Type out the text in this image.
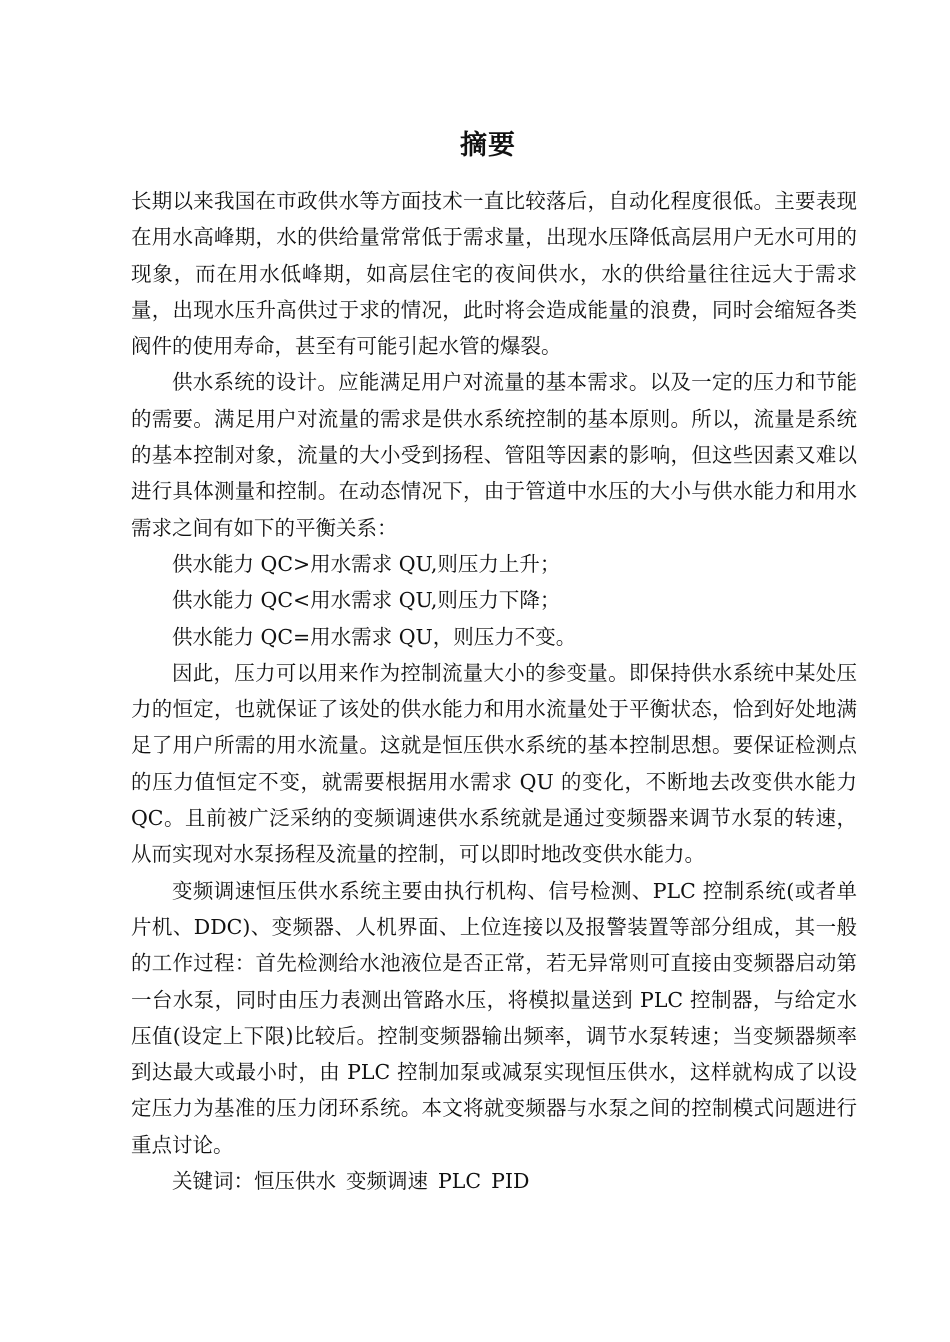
摘要

长期以来我国在市政供水等方面技术一直比较落后，自动化程度很低。主要表现在用水高峰期，水的供给量常常低于需求量，出现水压降低高层用户无水可用的现象，而在用水低峰期，如高层住宅的夜间供水，水的供给量往往远大于需求量，出现水压升高供过于求的情况，此时将会造成能量的浪费，同时会缩短各类阀件的使用寿命，甚至有可能引起水管的爆裂。

供水系统的设计。应能满足用户对流量的基本需求。以及一定的压力和节能的需要。满足用户对流量的需求是供水系统控制的基本原则。所以，流量是系统的基本控制对象，流量的大小受到扬程、管阻等因素的影响，但这些因素又难以进行具体测量和控制。在动态情况下，由于管道中水压的大小与供水能力和用水需求之间有如下的平衡关系：

供水能力 QC>用水需求 QU,则压力上升；

供水能力 QC<用水需求 QU,则压力下降；

供水能力 QC=用水需求 QU，则压力不变。

因此，压力可以用来作为控制流量大小的参变量。即保持供水系统中某处压力的恒定，也就保证了该处的供水能力和用水流量处于平衡状态，恰到好处地满足了用户所需的用水流量。这就是恒压供水系统的基本控制思想。要保证检测点的压力值恒定不变，就需要根据用水需求 QU 的变化，不断地去改变供水能力 QC。且前被广泛采纳的变频调速供水系统就是通过变频器来调节水泵的转速，从而实现对水泵扬程及流量的控制，可以即时地改变供水能力。

变频调速恒压供水系统主要由执行机构、信号检测、PLC 控制系统(或者单片机、DDC)、变频器、人机界面、上位连接以及报警装置等部分组成，其一般的工作过程：首先检测给水池液位是否正常，若无异常则可直接由变频器启动第一台水泵，同时由压力表测出管路水压，将模拟量送到 PLC 控制器，与给定水压值(设定上下限)比较后。控制变频器输出频率，调节水泵转速；当变频器频率到达最大或最小时，由 PLC 控制加泵或减泵实现恒压供水，这样就构成了以设定压力为基准的压力闭环系统。本文将就变频器与水泵之间的控制模式问题进行重点讨论。

关键词：恒压供水 变频调速 PLC PID
